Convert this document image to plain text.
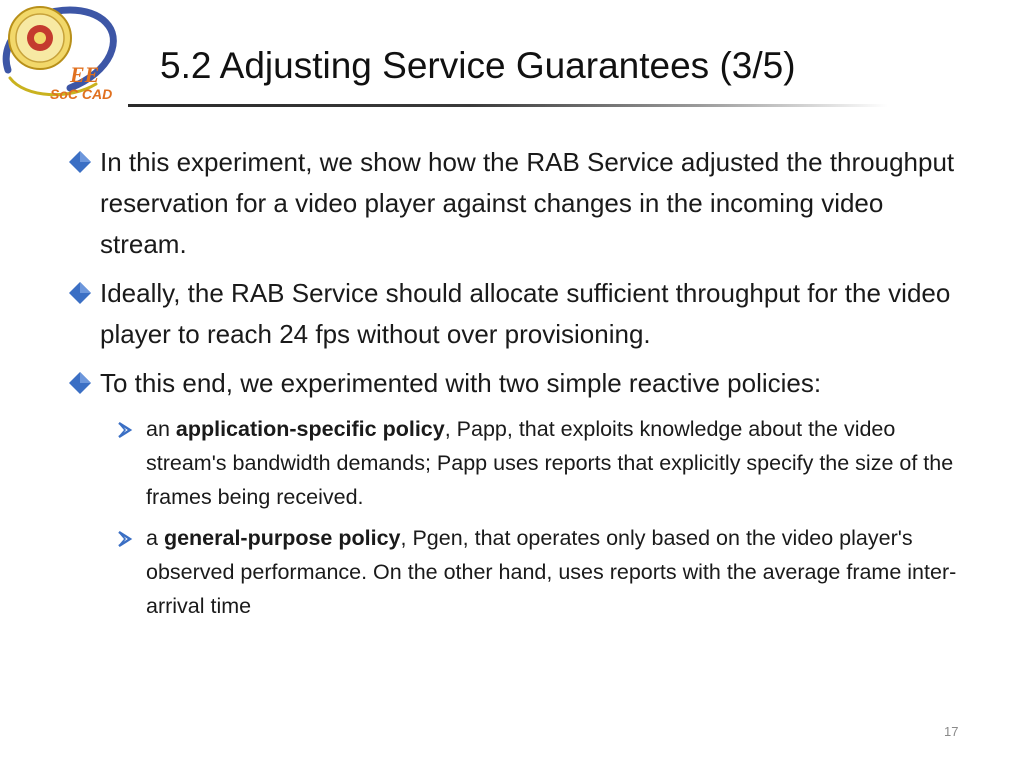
EE
SoC CAD
5.2 Adjusting Service Guarantees (3/5)
In this experiment, we show how the RAB Service adjusted the throughput reservation for a video player against changes in the incoming video stream.
Ideally, the RAB Service should allocate sufficient throughput for the video player to reach 24 fps without over provisioning.
To this end, we experimented with two simple reactive policies:
an application-specific policy, Papp, that exploits knowledge about the video stream's bandwidth demands; Papp uses reports that explicitly specify the size of the frames being received.
a general-purpose policy, Pgen, that operates only based on the video player's observed performance. On the other hand, uses reports with the average frame inter-arrival time
17
